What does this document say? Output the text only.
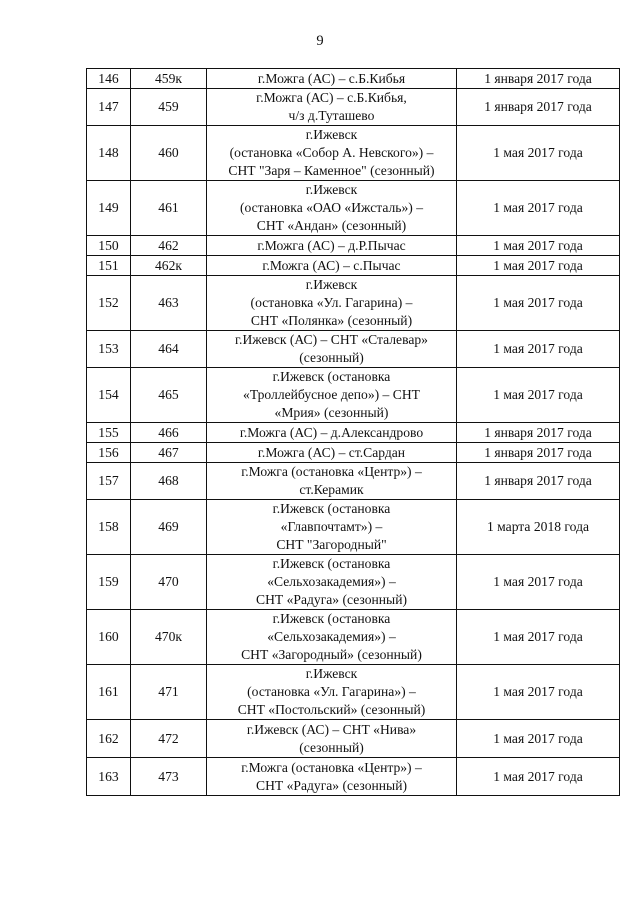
9
146	459к	г.Можга (АС) – с.Б.Кибья	1 января 2017 года
147	459	г.Можга (АС) – с.Б.Кибья,
ч/з д.Туташево	1 января 2017 года
148	460	г.Ижевск
(остановка «Собор А. Невского») –
СНТ "Заря – Каменное" (сезонный)	1 мая 2017 года
149	461	г.Ижевск
(остановка «ОАО «Ижсталь») –
СНТ «Андан» (сезонный)	1 мая 2017 года
150	462	г.Можга (АС) – д.Р.Пычас	1 мая 2017 года
151	462к	г.Можга (АС) – с.Пычас	1 мая 2017 года
152	463	г.Ижевск
(остановка «Ул. Гагарина) –
СНТ «Полянка» (сезонный)	1 мая 2017 года
153	464	г.Ижевск (АС) – СНТ «Сталевар»
(сезонный)	1 мая 2017 года
154	465	г.Ижевск (остановка
«Троллейбусное депо») – СНТ
«Мрия» (сезонный)	1 мая 2017 года
155	466	г.Можга (АС) – д.Александрово	1 января 2017 года
156	467	г.Можга (АС) – ст.Сардан	1 января 2017 года
157	468	г.Можга (остановка «Центр») –
ст.Керамик	1 января 2017 года
158	469	г.Ижевск (остановка
«Главпочтамт») –
СНТ "Загородный"	1 марта 2018 года
159	470	г.Ижевск (остановка
«Сельхозакадемия») –
СНТ «Радуга» (сезонный)	1 мая 2017 года
160	470к	г.Ижевск (остановка
«Сельхозакадемия») –
СНТ «Загородный» (сезонный)	1 мая 2017 года
161	471	г.Ижевск
(остановка «Ул. Гагарина») –
СНТ «Постольский» (сезонный)	1 мая 2017 года
162	472	г.Ижевск (АС) – СНТ «Нива»
(сезонный)	1 мая 2017 года
163	473	г.Можга (остановка «Центр») –
СНТ «Радуга» (сезонный)	1 мая 2017 года
